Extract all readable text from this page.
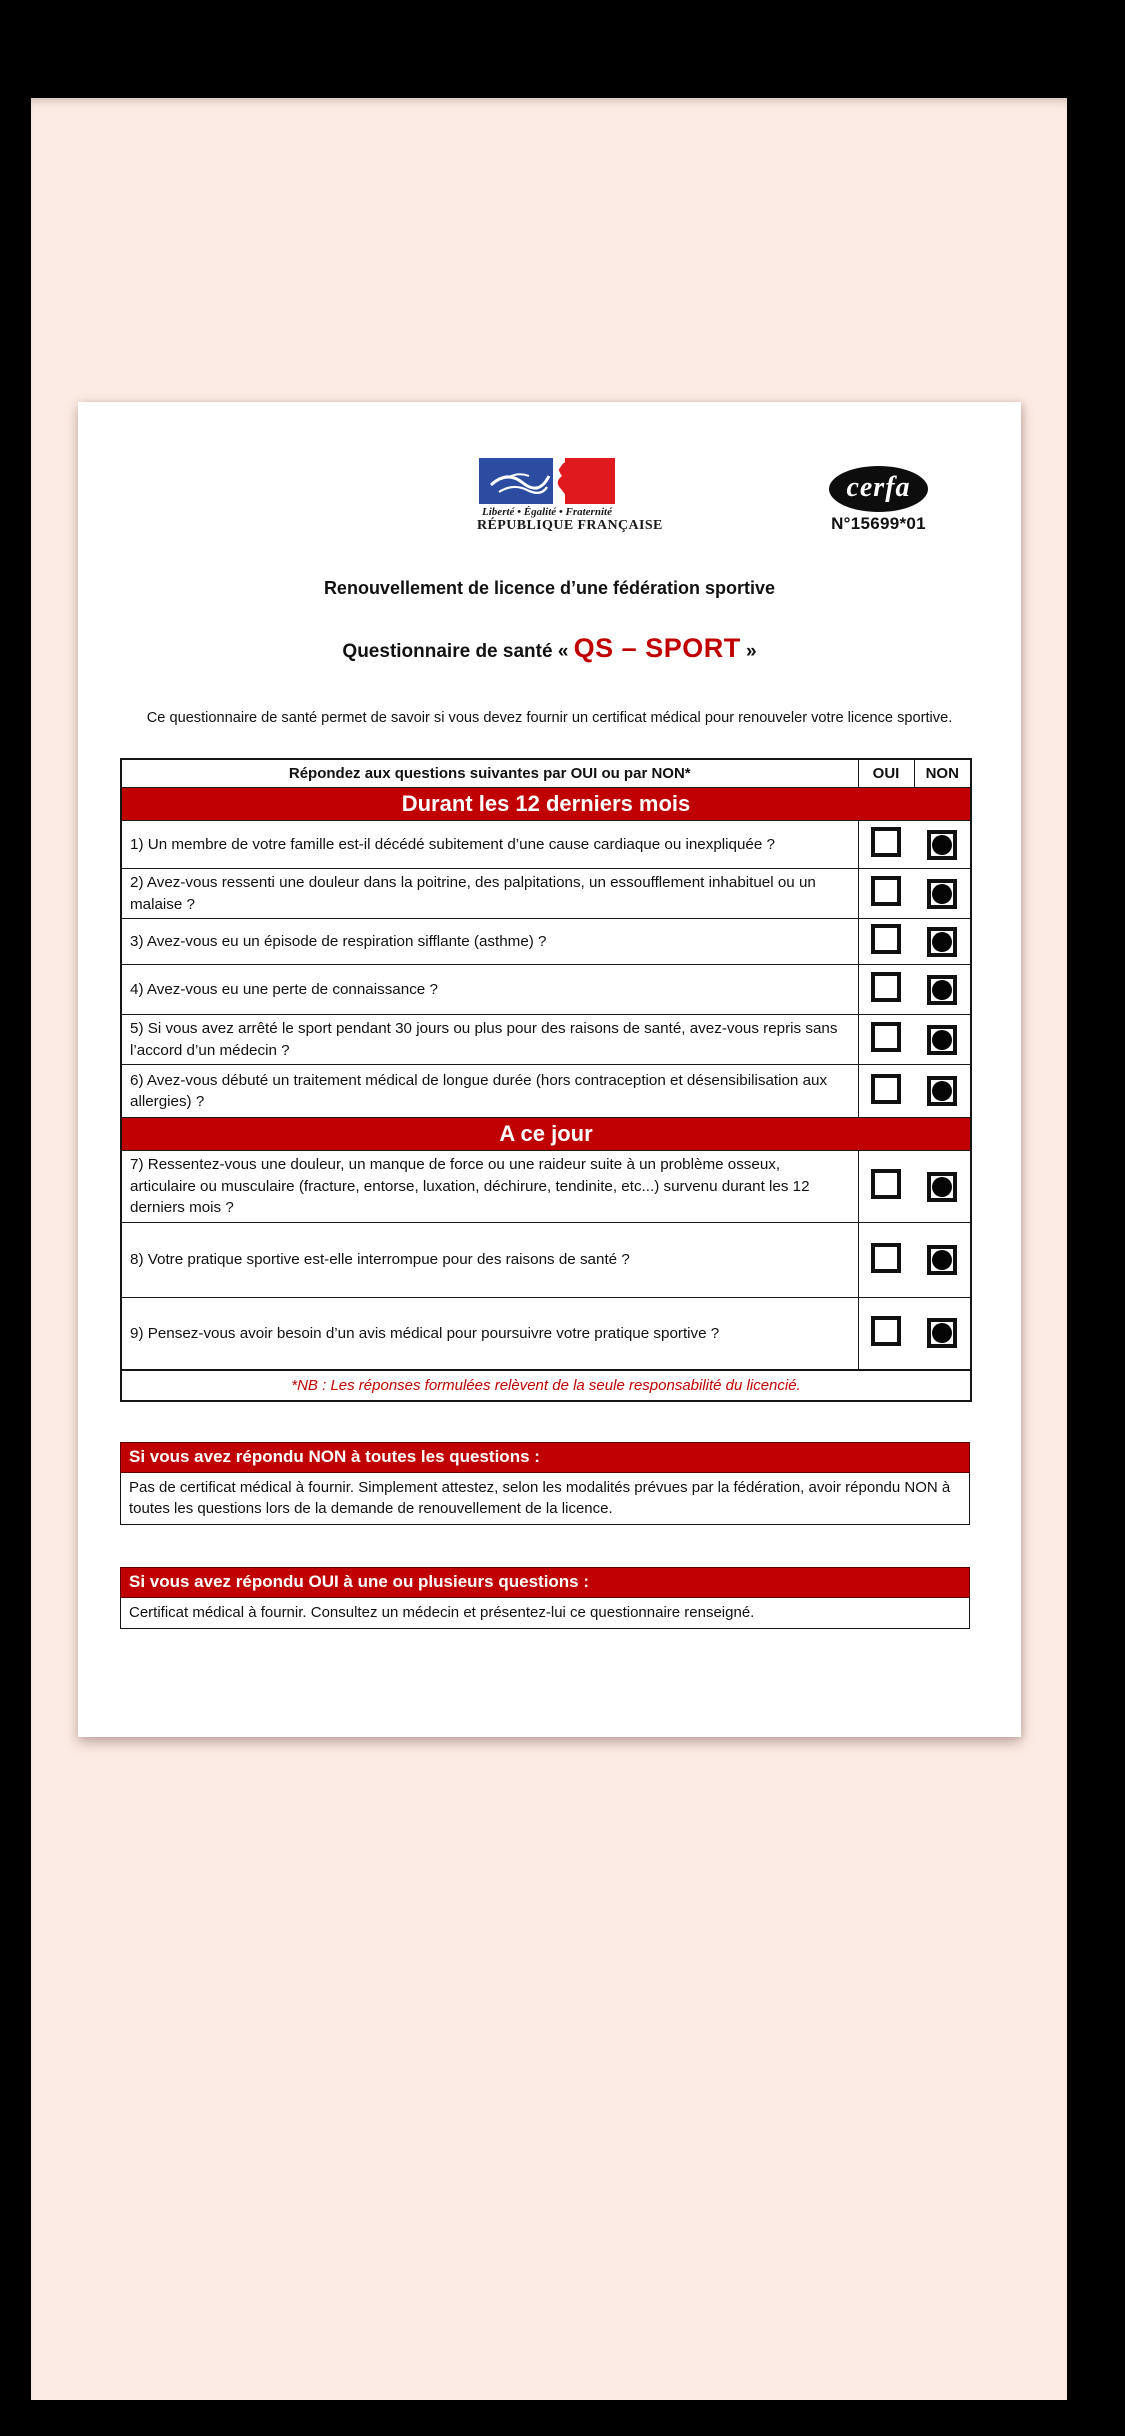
Liberté • Égalité • Fraternité
RÉPUBLIQUE FRANÇAISE
cerfa
N°15699*01
Renouvellement de licence d’une fédération sportive
Questionnaire de santé « QS – SPORT »
Ce questionnaire de santé permet de savoir si vous devez fournir un certificat médical pour renouveler votre licence sportive.
Répondez aux questions suivantes par OUI ou par NON*	OUI	NON
Durant les 12 derniers mois		
1) Un membre de votre famille est-il décédé subitement d’une cause cardiaque ou inexpliquée ?		

2) Avez-vous ressenti une douleur dans la poitrine, des palpitations, un essoufflement inhabituel ou un malaise ?		

3) Avez-vous eu un épisode de respiration sifflante (asthme) ?		

4) Avez-vous eu une perte de connaissance ?		

5) Si vous avez arrêté le sport pendant 30 jours ou plus pour des raisons de santé, avez-vous repris sans l’accord d’un médecin ?		

6) Avez-vous débuté un traitement médical de longue durée (hors contraception et désensibilisation aux allergies) ?		

A ce jour		
7) Ressentez-vous une douleur, un manque de force ou une raideur suite à un problème osseux, articulaire ou musculaire (fracture, entorse, luxation, déchirure, tendinite, etc...) survenu durant les 12 derniers mois ?		

8) Votre pratique sportive est-elle interrompue pour des raisons de santé ?		

9) Pensez-vous avoir besoin d’un avis médical pour poursuivre votre pratique sportive ?		

*NB : Les réponses formulées relèvent de la seule responsabilité du licencié.		
Si vous avez répondu NON à toutes les questions :
Pas de certificat médical à fournir. Simplement attestez, selon les modalités prévues par la fédération, avoir répondu NON à toutes les questions lors de la demande de renouvellement de la licence.
Si vous avez répondu OUI à une ou plusieurs questions :
Certificat médical à fournir. Consultez un médecin et présentez-lui ce questionnaire renseigné.
